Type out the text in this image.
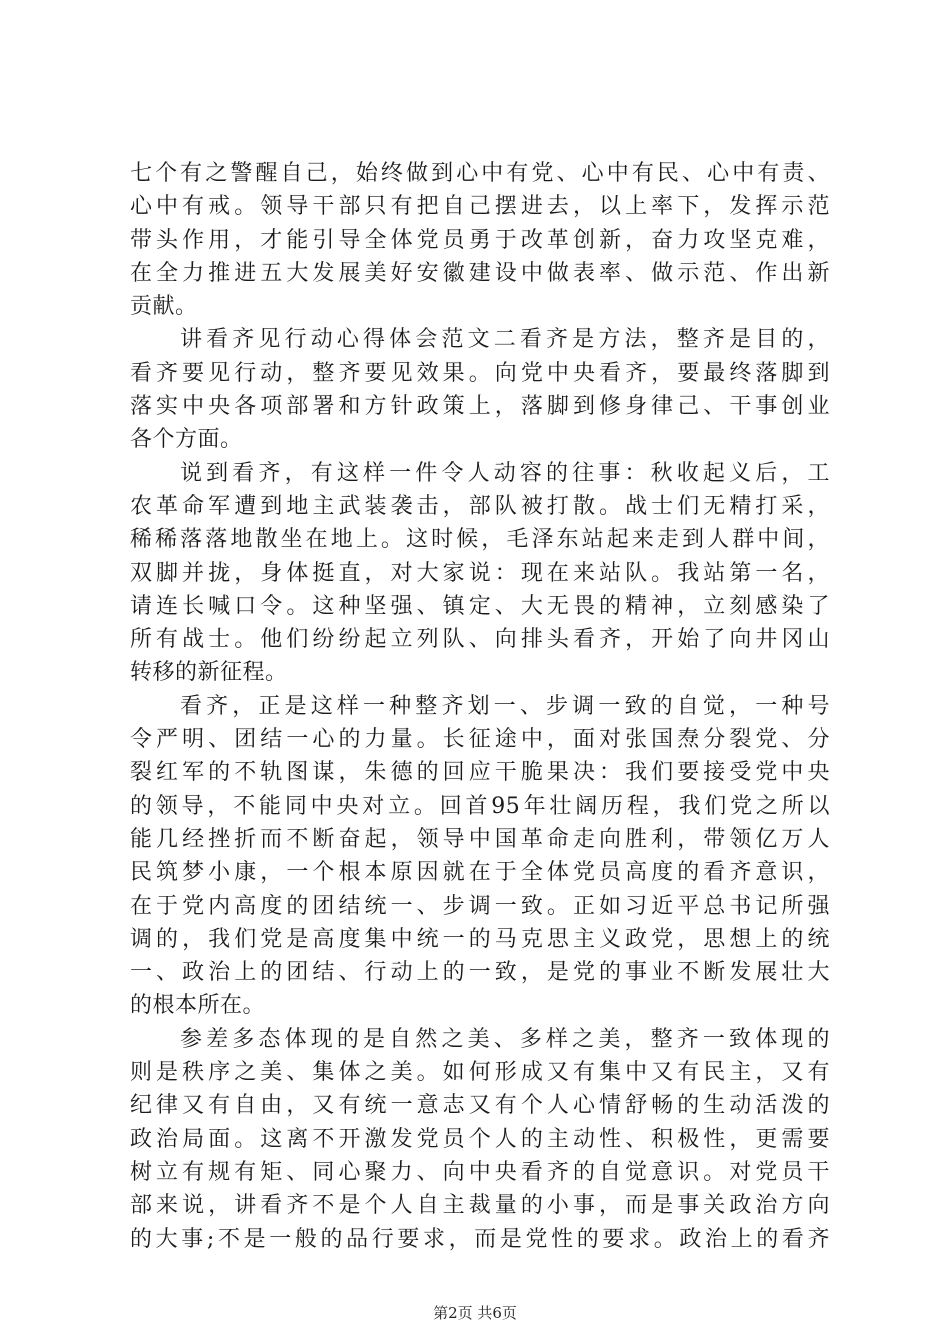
七个有之警醒自己，始终做到心中有党、心中有民、心中有责、
心中有戒。领导干部只有把自己摆进去，以上率下，发挥示范
带头作用，才能引导全体党员勇于改革创新，奋力攻坚克难，
在全力推进五大发展美好安徽建设中做表率、做示范、作出新
贡献。
讲看齐见行动心得体会范文二看齐是方法，整齐是目的，
看齐要见行动，整齐要见效果。向党中央看齐，要最终落脚到
落实中央各项部署和方针政策上，落脚到修身律己、干事创业
各个方面。
说到看齐，有这样一件令人动容的往事：秋收起义后，工
农革命军遭到地主武装袭击，部队被打散。战士们无精打采，
稀稀落落地散坐在地上。这时候，毛泽东站起来走到人群中间，
双脚并拢，身体挺直，对大家说：现在来站队。我站第一名，
请连长喊口令。这种坚强、镇定、大无畏的精神，立刻感染了
所有战士。他们纷纷起立列队、向排头看齐，开始了向井冈山
转移的新征程。
看齐，正是这样一种整齐划一、步调一致的自觉，一种号
令严明、团结一心的力量。长征途中，面对张国焘分裂党、分
裂红军的不轨图谋，朱德的回应干脆果决：我们要接受党中央
的领导，不能同中央对立。回首95年壮阔历程，我们党之所以
能几经挫折而不断奋起，领导中国革命走向胜利，带领亿万人
民筑梦小康，一个根本原因就在于全体党员高度的看齐意识，
在于党内高度的团结统一、步调一致。正如习近平总书记所强
调的，我们党是高度集中统一的马克思主义政党，思想上的统
一、政治上的团结、行动上的一致，是党的事业不断发展壮大
的根本所在。
参差多态体现的是自然之美、多样之美，整齐一致体现的
则是秩序之美、集体之美。如何形成又有集中又有民主，又有
纪律又有自由，又有统一意志又有个人心情舒畅的生动活泼的
政治局面。这离不开激发党员个人的主动性、积极性，更需要
树立有规有矩、同心聚力、向中央看齐的自觉意识。对党员干
部来说，讲看齐不是个人自主裁量的小事，而是事关政治方向
的大事;不是一般的品行要求，而是党性的要求。政治上的看齐
第2页 共6页
